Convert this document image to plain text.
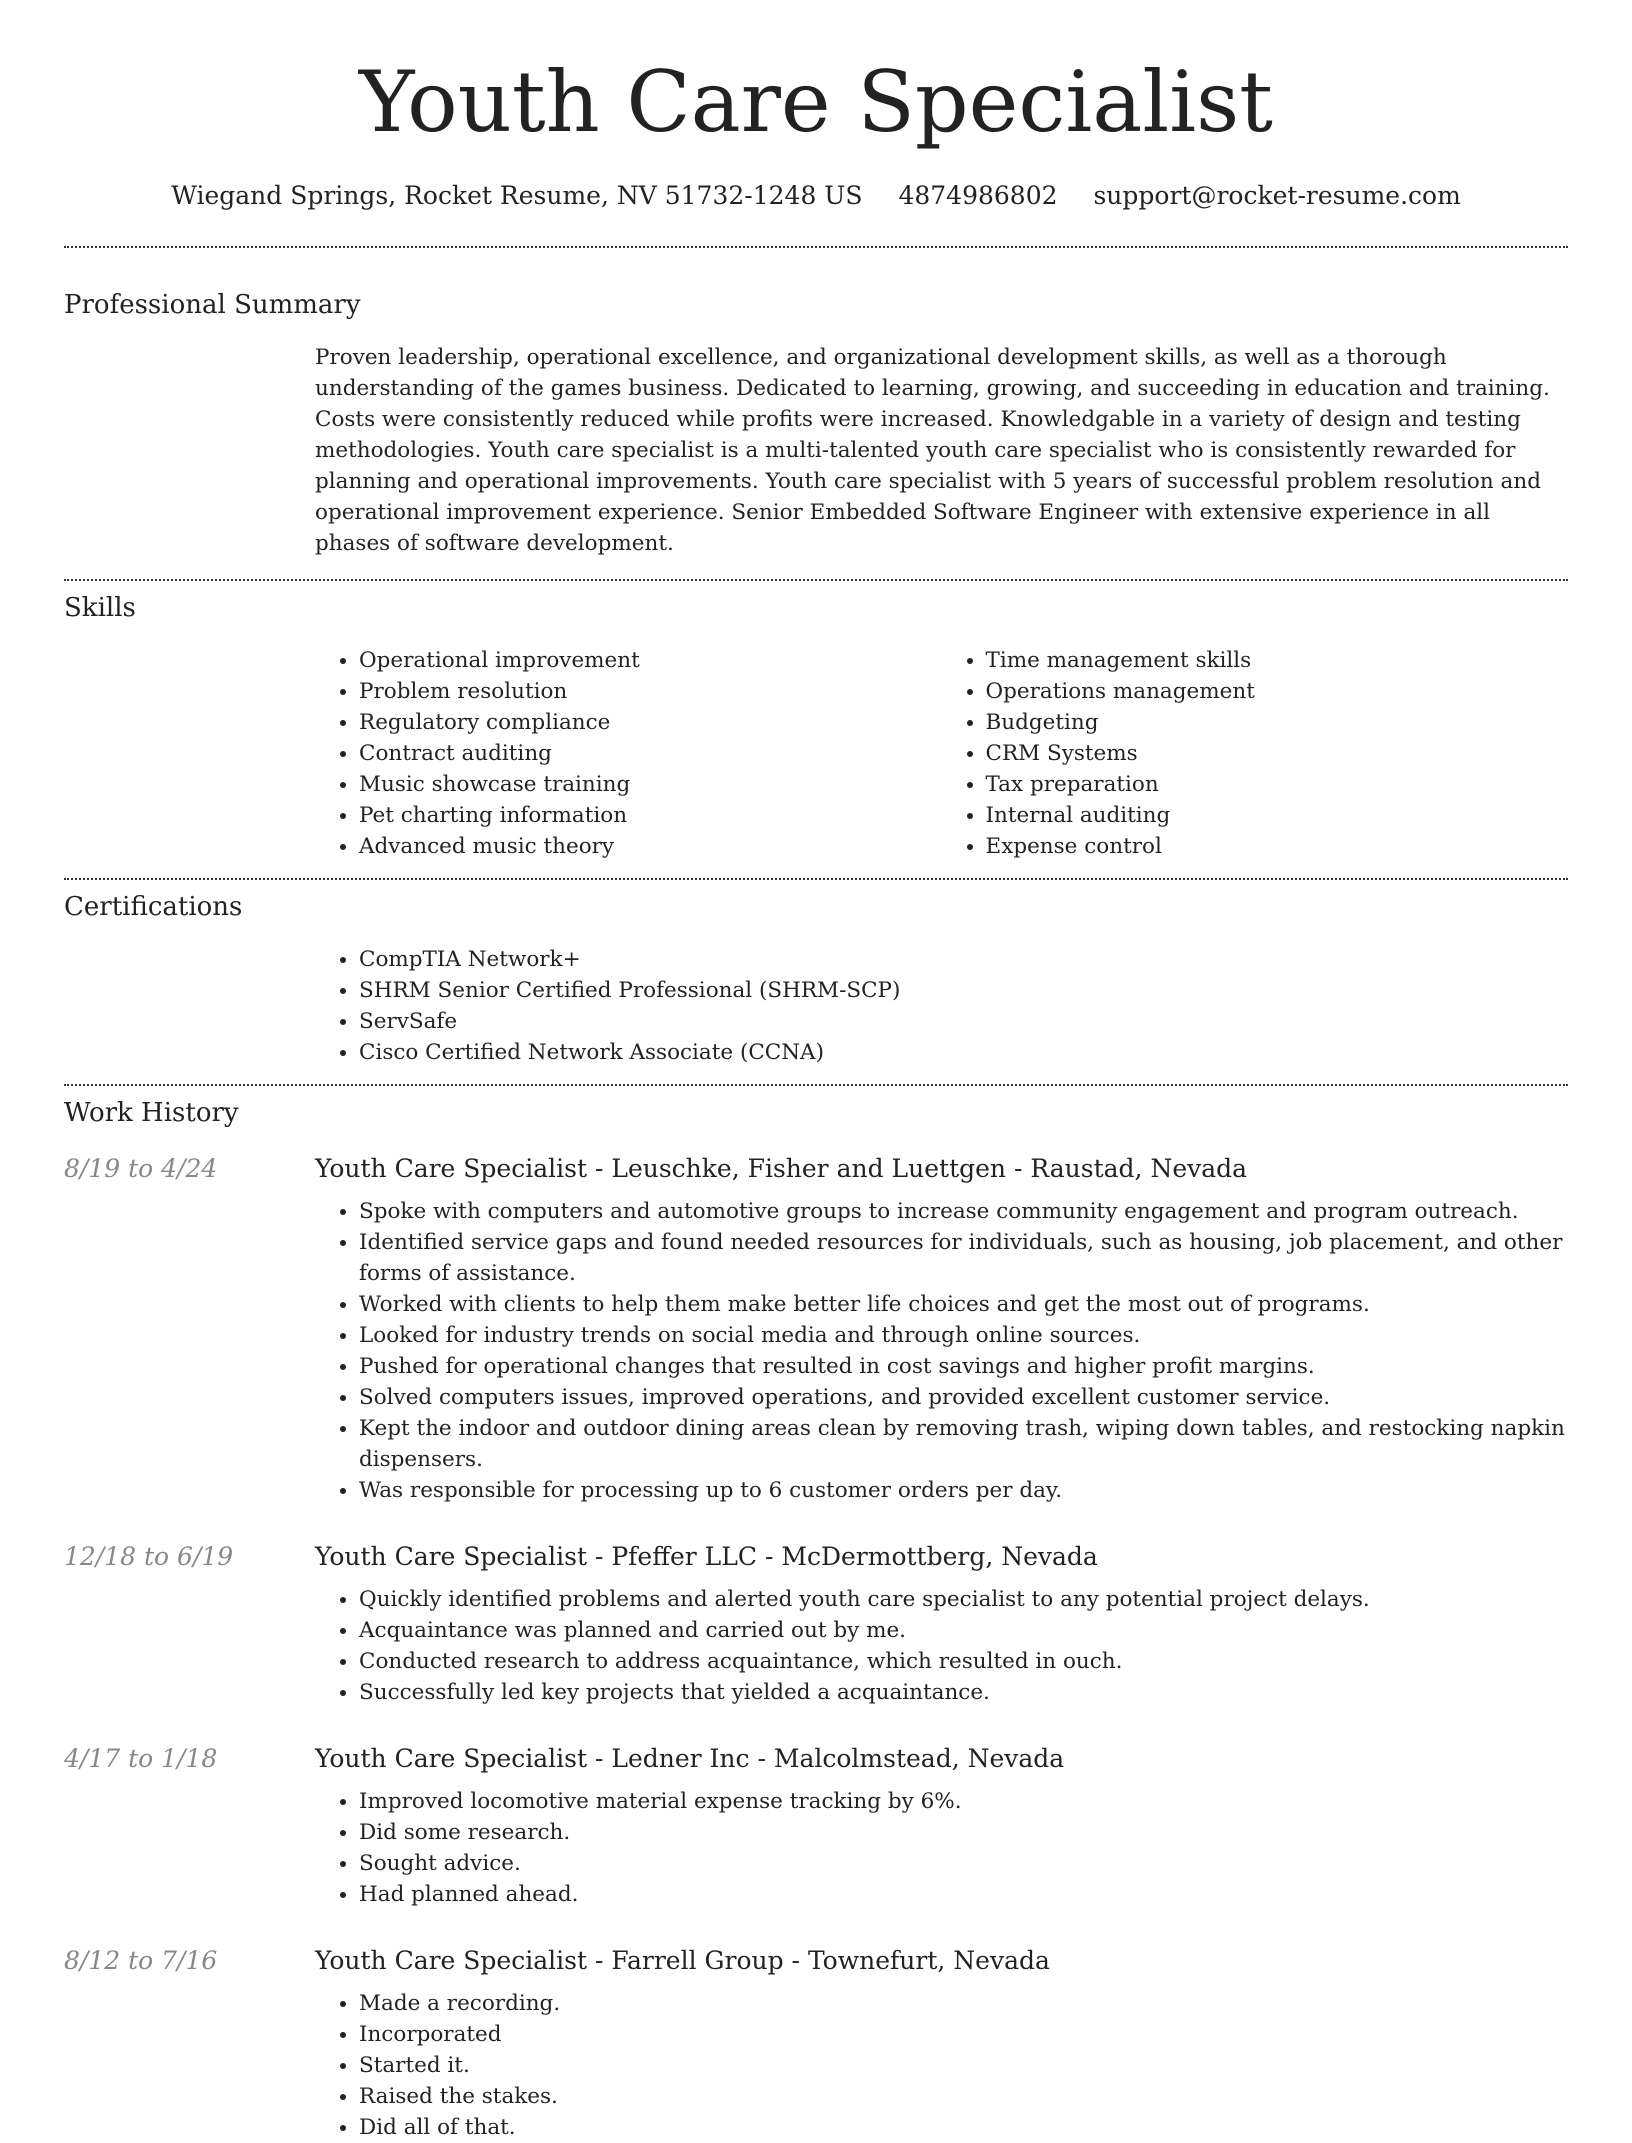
Youth Care Specialist
Wiegand Springs, Rocket Resume, NV 51732-1248 US 4874986802 support@rocket-resume.com
Professional Summary

Proven leadership, operational excellence, and organizational development skills, as well as a thorough understanding of the games business. Dedicated to learning, growing, and succeeding in education and training. Costs were consistently reduced while profits were increased. Knowledgable in a variety of design and testing methodologies. Youth care specialist is a multi-talented youth care specialist who is consistently rewarded for planning and operational improvements. Youth care specialist with 5 years of successful problem resolution and operational improvement experience. Senior Embedded Software Engineer with extensive experience in all phases of software development.

Skills
• Operational improvement
• Problem resolution
• Regulatory compliance
• Contract auditing
• Music showcase training
• Pet charting information
• Advanced music theory
• Time management skills
• Operations management
• Budgeting
• CRM Systems
• Tax preparation
• Internal auditing
• Expense control
Certifications
• CompTIA Network+
• SHRM Senior Certified Professional (SHRM-SCP)
• ServSafe
• Cisco Certified Network Associate (CCNA)
Work History
8/19 to 4/24	Youth Care Specialist - Leuschke, Fisher and Luettgen - Raustad, Nevada
• Spoke with computers and automotive groups to increase community engagement and program outreach.
• Identified service gaps and found needed resources for individuals, such as housing, job placement, and other forms of assistance.
• Worked with clients to help them make better life choices and get the most out of programs.
• Looked for industry trends on social media and through online sources.
• Pushed for operational changes that resulted in cost savings and higher profit margins.
• Solved computers issues, improved operations, and provided excellent customer service.
• Kept the indoor and outdoor dining areas clean by removing trash, wiping down tables, and restocking napkin dispensers.
• Was responsible for processing up to 6 customer orders per day.
12/18 to 6/19	Youth Care Specialist - Pfeffer LLC - McDermottberg, Nevada
• Quickly identified problems and alerted youth care specialist to any potential project delays.
• Acquaintance was planned and carried out by me.
• Conducted research to address acquaintance, which resulted in ouch.
• Successfully led key projects that yielded a acquaintance.
4/17 to 1/18	Youth Care Specialist - Ledner Inc - Malcolmstead, Nevada
• Improved locomotive material expense tracking by 6%.
• Did some research.
• Sought advice.
• Had planned ahead.
8/12 to 7/16	Youth Care Specialist - Farrell Group - Townefurt, Nevada
• Made a recording.
• Incorporated
• Started it.
• Raised the stakes.
• Did all of that.
